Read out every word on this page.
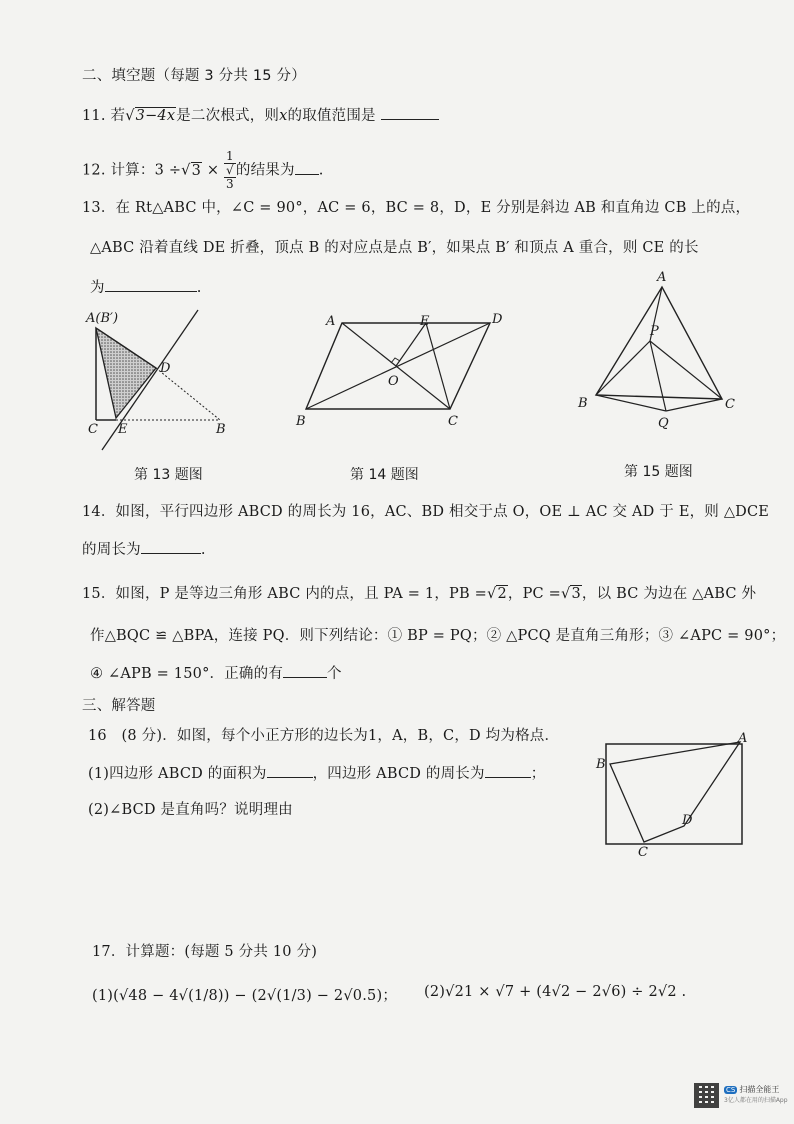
二、填空题（每题 3 分共 15 分）
11. 若√3−4x是二次根式，则x的取值范围是
12. 计算：3 ÷√3 × 1
√
3 的结果为 .
13．在 Rt△ABC 中，∠C = 90°，AC = 6，BC = 8，D，E 分别是斜边 AB 和直角边 CB 上的点，
△ABC 沿着直线 DE 折叠，顶点 B 的对应点是点 B′，如果点 B′ 和顶点 A 重合，则 CE 的长
为	.
A(B′)
D
C E	B
第 13 题图
A	E	D
O
B	C
第 14 题图
A
P
B	C
Q
第 15 题图
14．如图，平行四边形 ABCD 的周长为 16，AC、BD 相交于点 O，OE ⊥ AC 交 AD 于 E，则 △DCE
的周长为	.
15．如图，P 是等边三角形 ABC 内的点，且 PA = 1，PB =√2，PC =√3，以 BC 为边在 △ABC 外
作△BQC ≌ △BPA，连接 PQ．则下列结论：① BP = PQ；② △PCQ 是直角三角形；③ ∠APC = 90°；
④ ∠APB = 150°．正确的有	个
三、解答题
16　(8 分)．如图，每个小正方形的边长为1，A，B，C，D 均为格点．
(1)四边形 ABCD 的面积为	，四边形 ABCD 的周长为	；
(2)∠BCD 是直角吗？说明理由
A
B
C
D
17．计算题：(每题 5 分共 10 分)
(1)(√48 − 4√(1/8)) − (2√(1/3) − 2√0.5)； (2)√21 × √7 + (4√2 − 2√6) ÷ 2√2 .
CS 扫描全能王
3亿人都在用的扫描App
